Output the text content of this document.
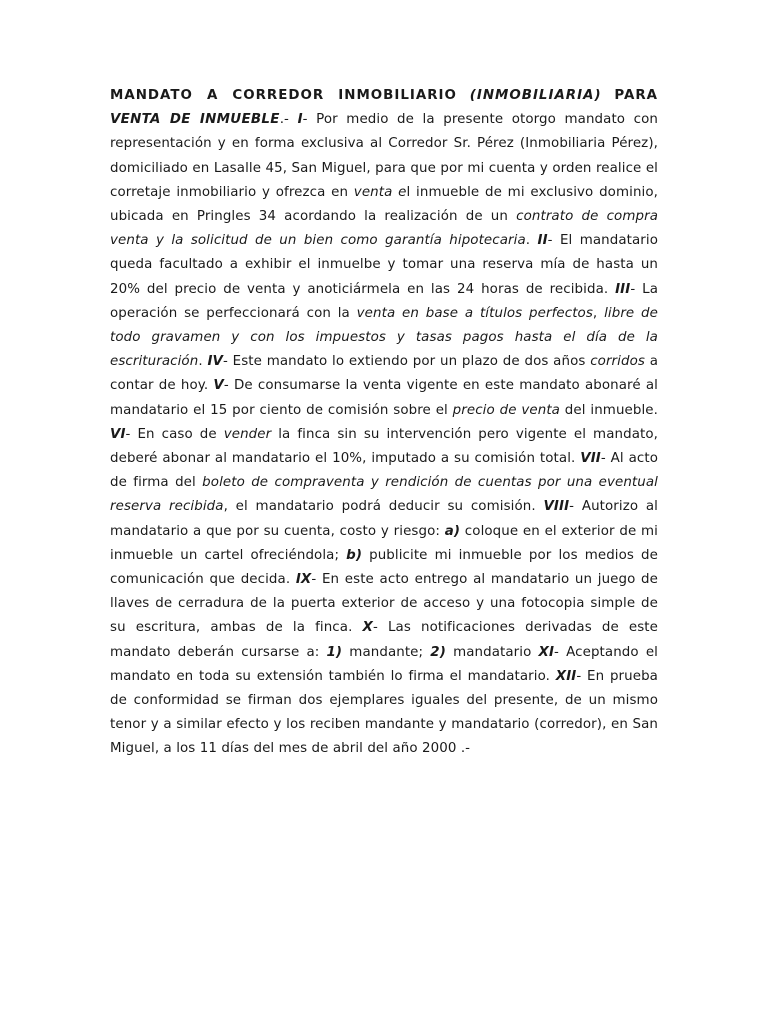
MANDATO A CORREDOR INMOBILIARIO (INMOBILIARIA) PARA VENTA DE INMUEBLE.- I- Por medio de la presente otorgo mandato con representación y en forma exclusiva al Corredor Sr. Pérez (Inmobiliaria Pérez), domiciliado en Lasalle 45, San Miguel, para que por mi cuenta y orden realice el corretaje inmobiliario y ofrezca en venta el inmueble de mi exclusivo dominio, ubicada en Pringles 34 acordando la realización de un contrato de compra venta y la solicitud de un bien como garantía hipotecaria. II- El mandatario queda facultado a exhibir el inmuelbe y tomar una reserva mía de hasta un 20% del precio de venta y anoticiármela en las 24 horas de recibida. III- La operación se perfeccionará con la venta en base a títulos perfectos, libre de todo gravamen y con los impuestos y tasas pagos hasta el día de la escrituración. IV- Este mandato lo extiendo por un plazo de dos años corridos a contar de hoy. V- De consumarse la venta vigente en este mandato abonaré al mandatario el 15 por ciento de comisión sobre el precio de venta del inmueble. VI- En caso de vender la finca sin su intervención pero vigente el mandato, deberé abonar al mandatario el 10%, imputado a su comisión total. VII- Al acto de firma del boleto de compraventa y rendición de cuentas por una eventual reserva recibida, el mandatario podrá deducir su comisión. VIII- Autorizo al mandatario a que por su cuenta, costo y riesgo: a) coloque en el exterior de mi inmueble un cartel ofreciéndola; b) publicite mi inmueble por los medios de comunicación que decida. IX- En este acto entrego al mandatario un juego de llaves de cerradura de la puerta exterior de acceso y una fotocopia simple de su escritura, ambas de la finca. X- Las notificaciones derivadas de este mandato deberán cursarse a: 1) mandante; 2) mandatario XI- Aceptando el mandato en toda su extensión también lo firma el mandatario. XII- En prueba de conformidad se firman dos ejemplares iguales del presente, de un mismo tenor y a similar efecto y los reciben mandante y mandatario (corredor), en San Miguel, a los 11 días del mes de abril del año 2000 .-
